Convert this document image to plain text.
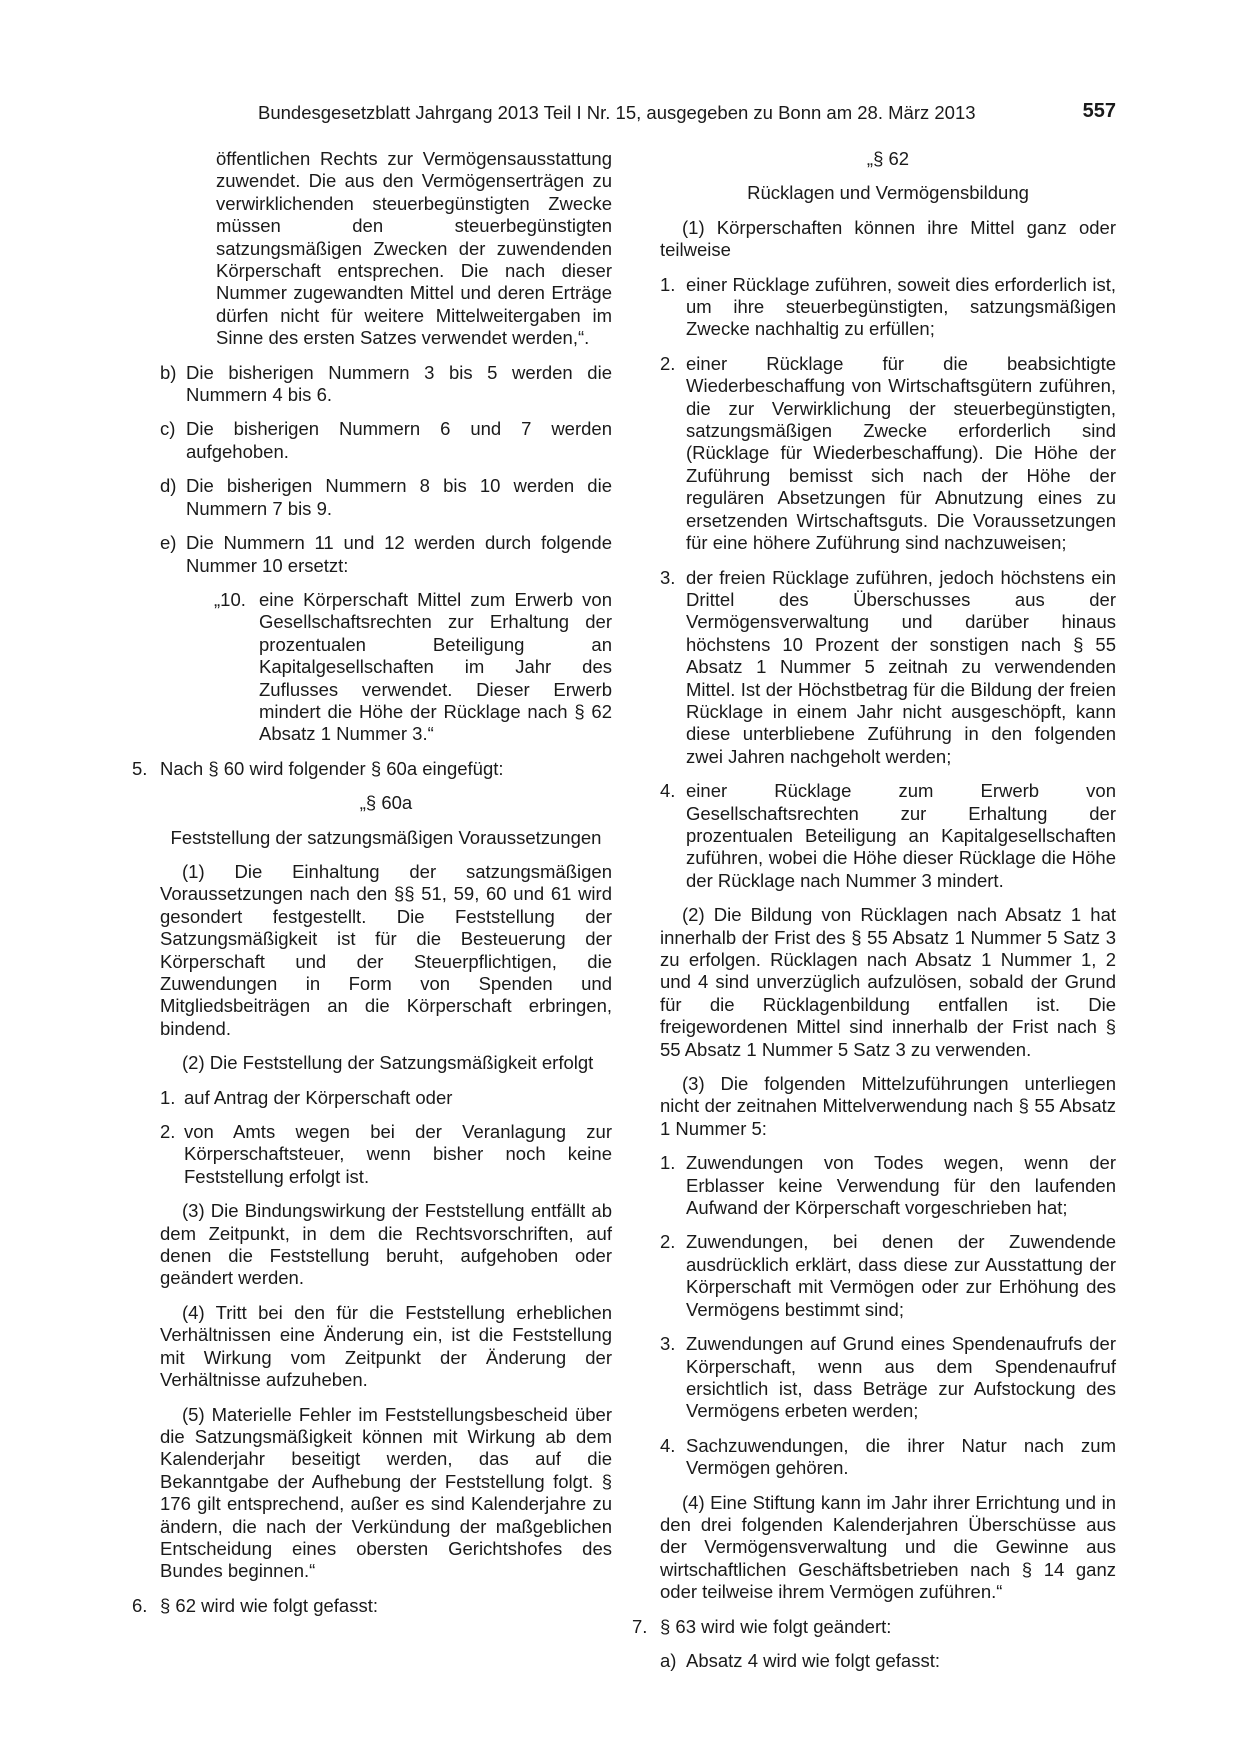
Bundesgesetzblatt Jahrgang 2013 Teil I Nr. 15, ausgegeben zu Bonn am 28. März 2013	557

öffentlichen Rechts zur Vermögensausstattung zuwendet. Die aus den Vermögenserträgen zu verwirklichenden steuerbegünstigten Zwecke müssen den steuerbegünstigten satzungsmäßigen Zwecken der zuwendenden Körperschaft entsprechen. Die nach dieser Nummer zugewandten Mittel und deren Erträge dürfen nicht für weitere Mittelweitergaben im Sinne des ersten Satzes verwendet werden,“.

b) Die bisherigen Nummern 3 bis 5 werden die Nummern 4 bis 6.

c) Die bisherigen Nummern 6 und 7 werden aufgehoben.

d) Die bisherigen Nummern 8 bis 10 werden die Nummern 7 bis 9.

e) Die Nummern 11 und 12 werden durch folgende Nummer 10 ersetzt:

„10. eine Körperschaft Mittel zum Erwerb von Gesellschaftsrechten zur Erhaltung der prozentualen Beteiligung an Kapitalgesellschaften im Jahr des Zuflusses verwendet. Dieser Erwerb mindert die Höhe der Rücklage nach § 62 Absatz 1 Nummer 3.“

5. Nach § 60 wird folgender § 60a eingefügt:

„§ 60a

Feststellung der satzungsmäßigen Voraussetzungen

(1) Die Einhaltung der satzungsmäßigen Voraussetzungen nach den §§ 51, 59, 60 und 61 wird gesondert festgestellt. Die Feststellung der Satzungsmäßigkeit ist für die Besteuerung der Körperschaft und der Steuerpflichtigen, die Zuwendungen in Form von Spenden und Mitgliedsbeiträgen an die Körperschaft erbringen, bindend.

(2) Die Feststellung der Satzungsmäßigkeit erfolgt

1. auf Antrag der Körperschaft oder

2. von Amts wegen bei der Veranlagung zur Körperschaftsteuer, wenn bisher noch keine Feststellung erfolgt ist.

(3) Die Bindungswirkung der Feststellung entfällt ab dem Zeitpunkt, in dem die Rechtsvorschriften, auf denen die Feststellung beruht, aufgehoben oder geändert werden.

(4) Tritt bei den für die Feststellung erheblichen Verhältnissen eine Änderung ein, ist die Feststellung mit Wirkung vom Zeitpunkt der Änderung der Verhältnisse aufzuheben.

(5) Materielle Fehler im Feststellungsbescheid über die Satzungsmäßigkeit können mit Wirkung ab dem Kalenderjahr beseitigt werden, das auf die Bekanntgabe der Aufhebung der Feststellung folgt. § 176 gilt entsprechend, außer es sind Kalenderjahre zu ändern, die nach der Verkündung der maßgeblichen Entscheidung eines obersten Gerichtshofes des Bundes beginnen.“

6. § 62 wird wie folgt gefasst:

„§ 62

Rücklagen und Vermögensbildung

(1) Körperschaften können ihre Mittel ganz oder teilweise

1. einer Rücklage zuführen, soweit dies erforderlich ist, um ihre steuerbegünstigten, satzungsmäßigen Zwecke nachhaltig zu erfüllen;

2. einer Rücklage für die beabsichtigte Wiederbeschaffung von Wirtschaftsgütern zuführen, die zur Verwirklichung der steuerbegünstigten, satzungsmäßigen Zwecke erforderlich sind (Rücklage für Wiederbeschaffung). Die Höhe der Zuführung bemisst sich nach der Höhe der regulären Absetzungen für Abnutzung eines zu ersetzenden Wirtschaftsguts. Die Voraussetzungen für eine höhere Zuführung sind nachzuweisen;

3. der freien Rücklage zuführen, jedoch höchstens ein Drittel des Überschusses aus der Vermögensverwaltung und darüber hinaus höchstens 10 Prozent der sonstigen nach § 55 Absatz 1 Nummer 5 zeitnah zu verwendenden Mittel. Ist der Höchstbetrag für die Bildung der freien Rücklage in einem Jahr nicht ausgeschöpft, kann diese unterbliebene Zuführung in den folgenden zwei Jahren nachgeholt werden;

4. einer Rücklage zum Erwerb von Gesellschaftsrechten zur Erhaltung der prozentualen Beteiligung an Kapitalgesellschaften zuführen, wobei die Höhe dieser Rücklage die Höhe der Rücklage nach Nummer 3 mindert.

(2) Die Bildung von Rücklagen nach Absatz 1 hat innerhalb der Frist des § 55 Absatz 1 Nummer 5 Satz 3 zu erfolgen. Rücklagen nach Absatz 1 Nummer 1, 2 und 4 sind unverzüglich aufzulösen, sobald der Grund für die Rücklagenbildung entfallen ist. Die freigewordenen Mittel sind innerhalb der Frist nach § 55 Absatz 1 Nummer 5 Satz 3 zu verwenden.

(3) Die folgenden Mittelzuführungen unterliegen nicht der zeitnahen Mittelverwendung nach § 55 Absatz 1 Nummer 5:

1. Zuwendungen von Todes wegen, wenn der Erblasser keine Verwendung für den laufenden Aufwand der Körperschaft vorgeschrieben hat;

2. Zuwendungen, bei denen der Zuwendende ausdrücklich erklärt, dass diese zur Ausstattung der Körperschaft mit Vermögen oder zur Erhöhung des Vermögens bestimmt sind;

3. Zuwendungen auf Grund eines Spendenaufrufs der Körperschaft, wenn aus dem Spendenaufruf ersichtlich ist, dass Beträge zur Aufstockung des Vermögens erbeten werden;

4. Sachzuwendungen, die ihrer Natur nach zum Vermögen gehören.

(4) Eine Stiftung kann im Jahr ihrer Errichtung und in den drei folgenden Kalenderjahren Überschüsse aus der Vermögensverwaltung und die Gewinne aus wirtschaftlichen Geschäftsbetrieben nach § 14 ganz oder teilweise ihrem Vermögen zuführen.“

7. § 63 wird wie folgt geändert:

a) Absatz 4 wird wie folgt gefasst:
